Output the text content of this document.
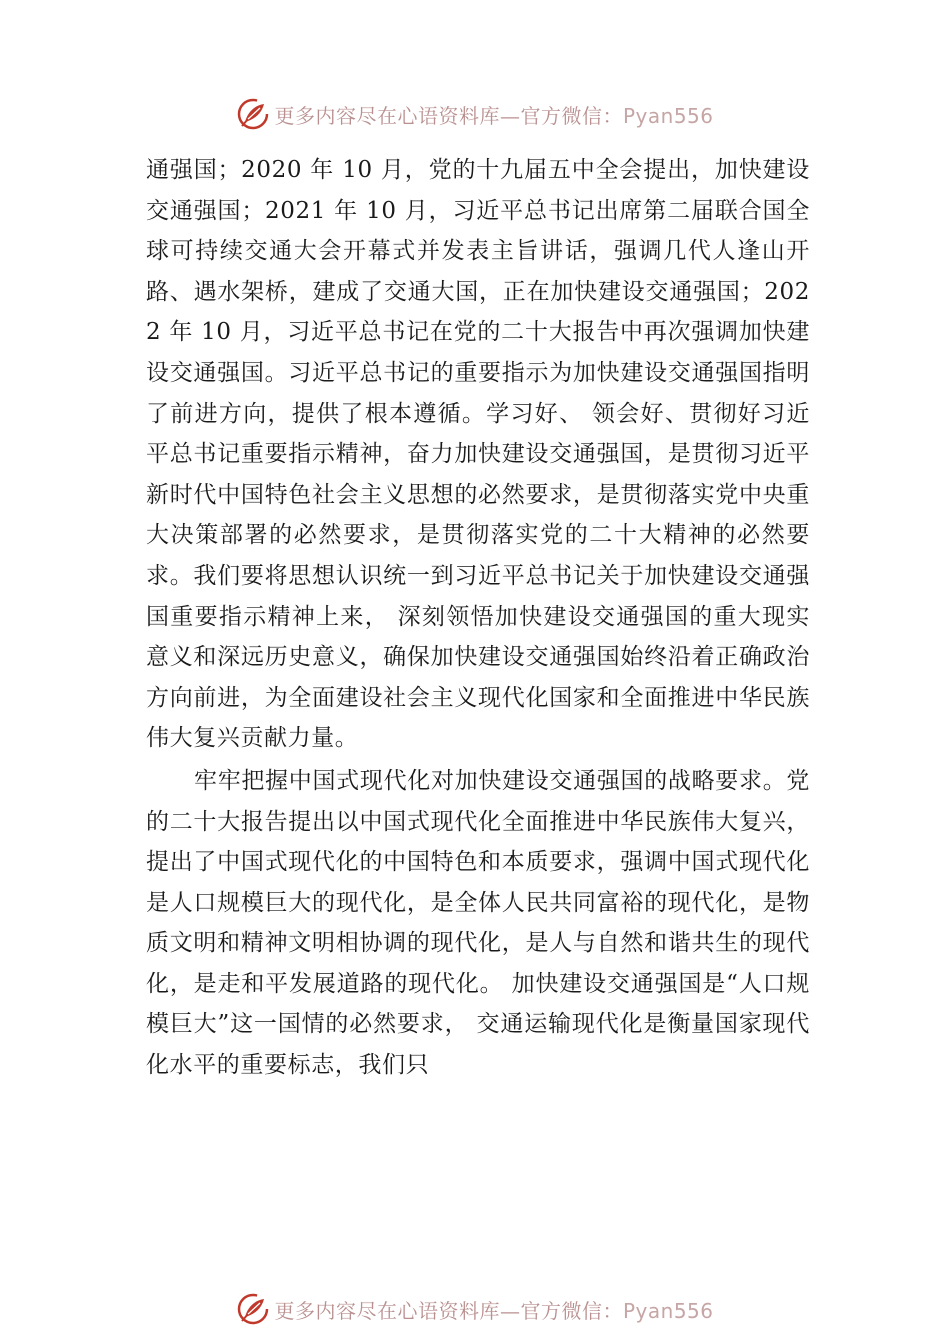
更多内容尽在心语资料库—官方微信：Pyan556

通强国；2020 年 10 月，党的十九届五中全会提出，加快建设交通强国；2021 年 10 月，习近平总书记出席第二届联合国全球可持续交通大会开幕式并发表主旨讲话，强调几代人逢山开路、遇水架桥，建成了交通大国，正在加快建设交通强国；2022 年 10 月，习近平总书记在党的二十大报告中再次强调加快建设交通强国。习近平总书记的重要指示为加快建设交通强国指明了前进方向，提供了根本遵循。学习好、 领会好、贯彻好习近平总书记重要指示精神，奋力加快建设交通强国，是贯彻习近平新时代中国特色社会主义思想的必然要求，是贯彻落实党中央重大决策部署的必然要求，是贯彻落实党的二十大精神的必然要求。我们要将思想认识统一到习近平总书记关于加快建设交通强国重要指示精神上来， 深刻领悟加快建设交通强国的重大现实意义和深远历史意义，确保加快建设交通强国始终沿着正确政治方向前进，为全面建设社会主义现代化国家和全面推进中华民族伟大复兴贡献力量。

牢牢把握中国式现代化对加快建设交通强国的战略要求。党的二十大报告提出以中国式现代化全面推进中华民族伟大复兴，提出了中国式现代化的中国特色和本质要求，强调中国式现代化是人口规模巨大的现代化，是全体人民共同富裕的现代化，是物质文明和精神文明相协调的现代化，是人与自然和谐共生的现代化，是走和平发展道路的现代化。 加快建设交通强国是“人口规模巨大”这一国情的必然要求， 交通运输现代化是衡量国家现代化水平的重要标志，我们只

更多内容尽在心语资料库—官方微信：Pyan556
